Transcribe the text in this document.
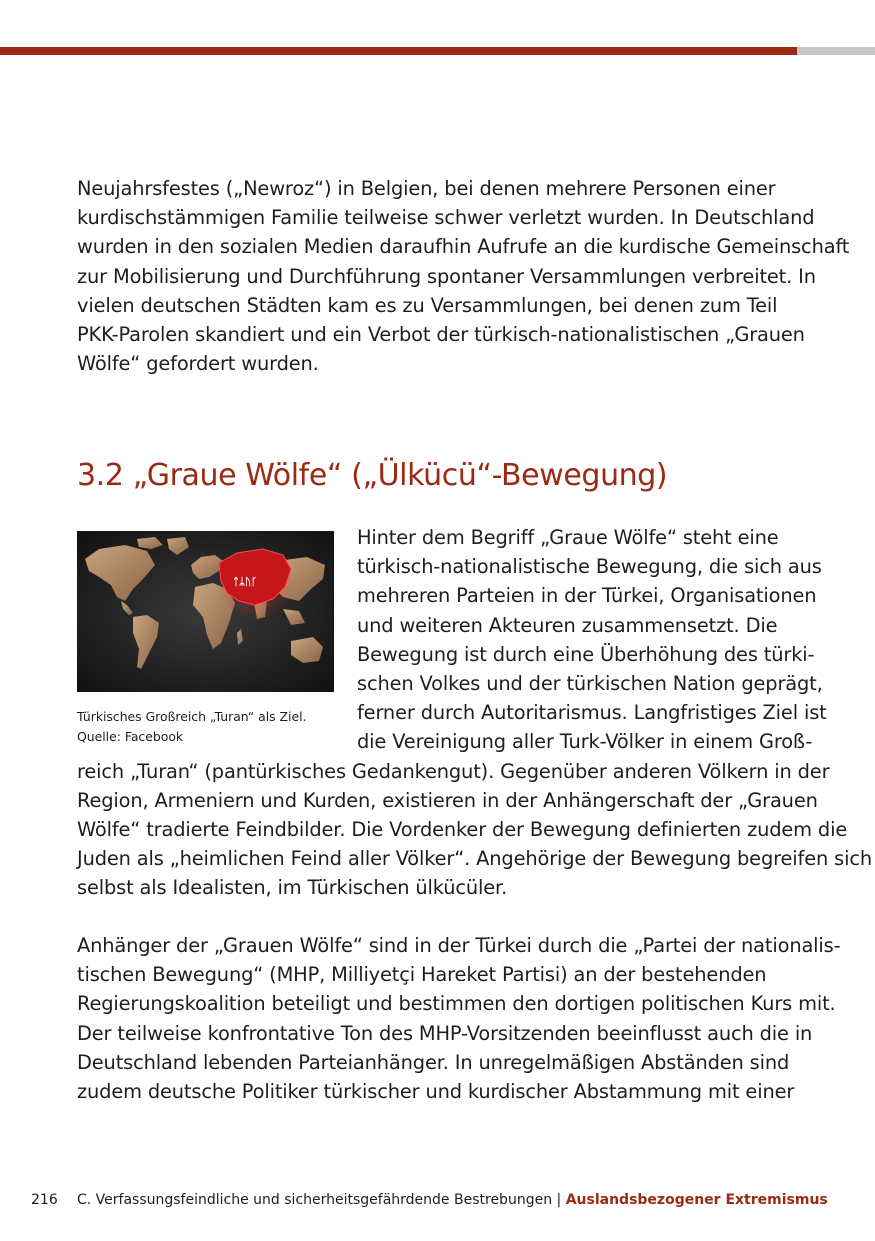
Neujahrsfestes („Newroz“) in Belgien, bei denen mehrere Personen einer
kurdischstämmigen Familie teilweise schwer verletzt wurden. In Deutschland
wurden in den sozialen Medien daraufhin Aufrufe an die kurdische Gemeinschaft
zur Mobilisierung und Durchführung spontaner Versammlungen verbreitet. In
vielen deutschen Städten kam es zu Versammlungen, bei denen zum Teil
PKK-Parolen skandiert und ein Verbot der türkisch-nationalistischen „Grauen
Wölfe“ gefordert wurden.
3.2 „Graue Wölfe“ („Ülkücü“-Bewegung)
ᛏᛦᚢᚴ
Türkisches Großreich „Turan“ als Ziel.
Quelle: Facebook
Hinter dem Begriff „Graue Wölfe“ steht eine
türkisch-nationalistische Bewegung, die sich aus
mehreren Parteien in der Türkei, Organisationen
und weiteren Akteuren zusammensetzt. Die
Bewegung ist durch eine Überhöhung des türki-
schen Volkes und der türkischen Nation geprägt,
ferner durch Autoritarismus. Langfristiges Ziel ist
die Vereinigung aller Turk-Völker in einem Groß-
reich „Turan“ (pantürkisches Gedankengut). Gegenüber anderen Völkern in der
Region, Armeniern und Kurden, existieren in der Anhängerschaft der „Grauen
Wölfe“ tradierte Feindbilder. Die Vordenker der Bewegung definierten zudem die
Juden als „heimlichen Feind aller Völker“. Angehörige der Bewegung begreifen sich
selbst als Idealisten, im Türkischen ülkücüler.
Anhänger der „Grauen Wölfe“ sind in der Türkei durch die „Partei der nationalis-
tischen Bewegung“ (MHP, Milliyetçi Hareket Partisi) an der bestehenden
Regierungskoalition beteiligt und bestimmen den dortigen politischen Kurs mit.
Der teilweise konfrontative Ton des MHP-Vorsitzenden beeinflusst auch die in
Deutschland lebenden Parteianhänger. In unregelmäßigen Abständen sind
zudem deutsche Politiker türkischer und kurdischer Abstammung mit einer
216 C. Verfassungsfeindliche und sicherheitsgefährdende Bestrebungen | Auslandsbezogener Extremismus
